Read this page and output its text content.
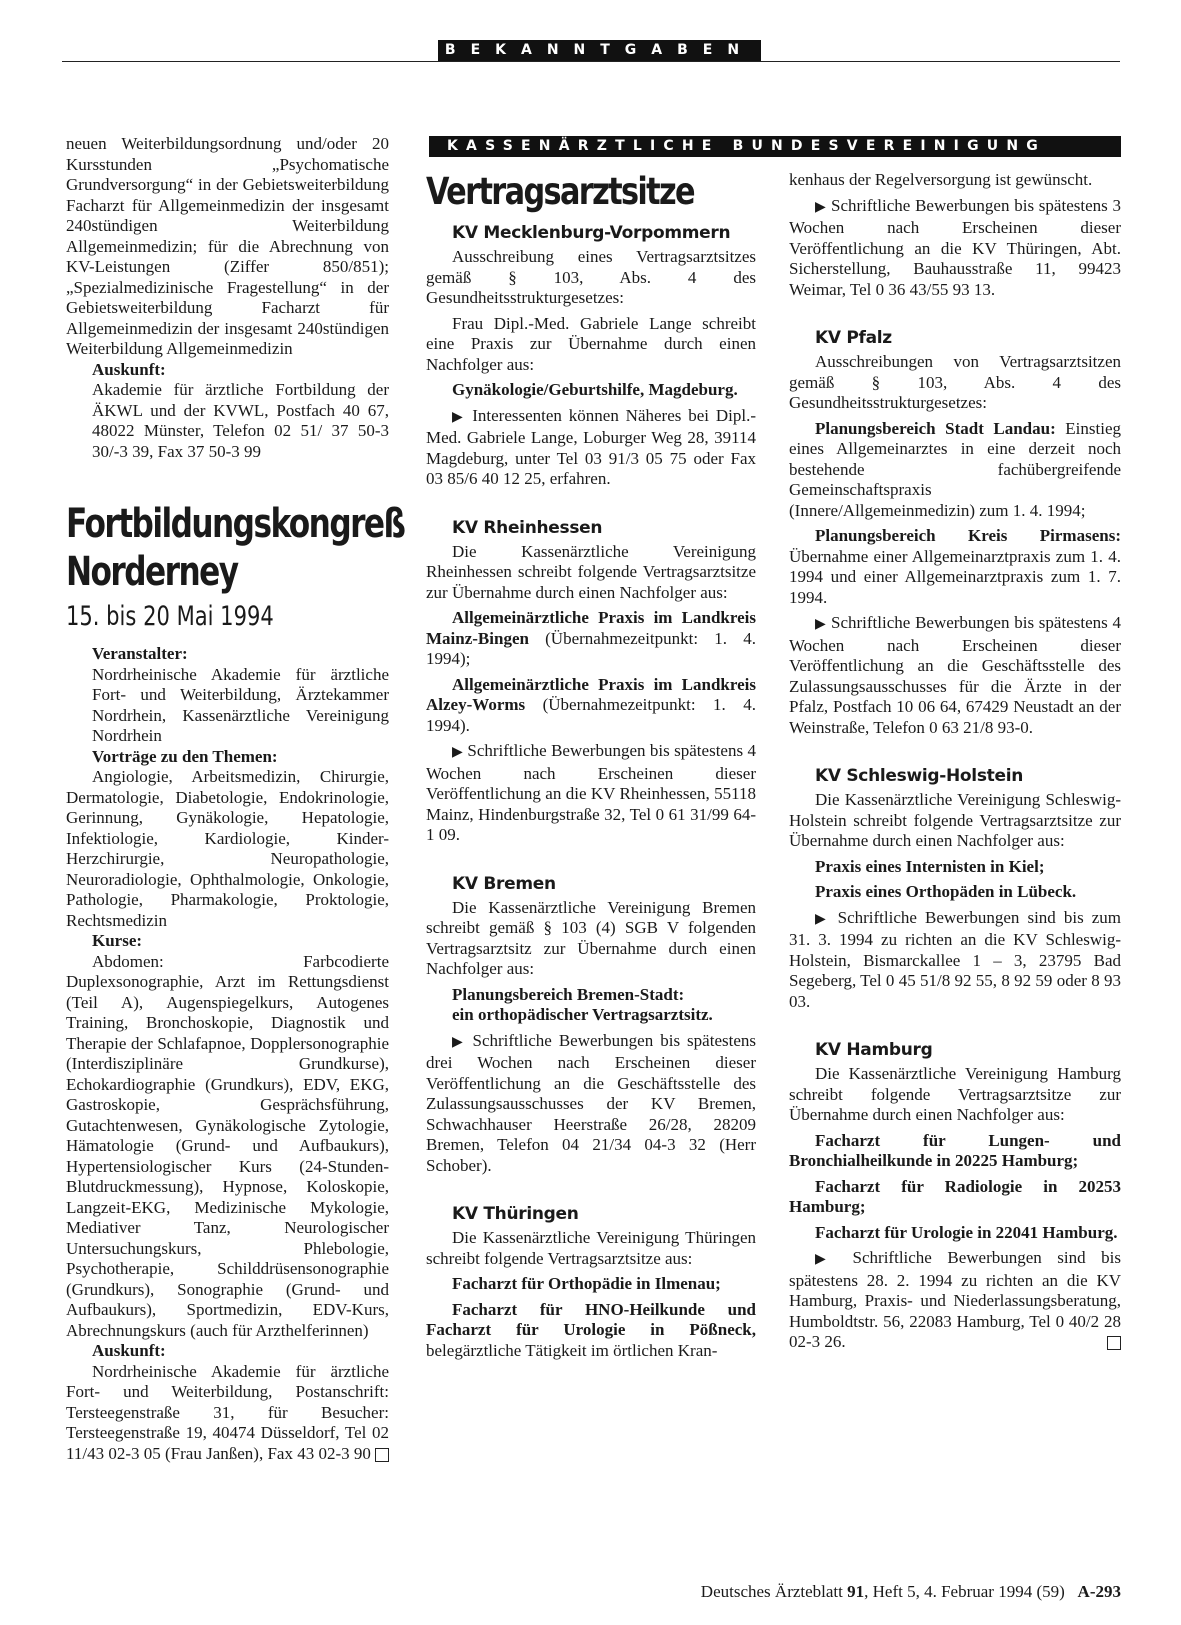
BEKANNTGABEN
KASSENÄRZTLICHE BUNDESVEREINIGUNG

neuen Weiterbildungsordnung und/oder 20 Kursstunden „Psychomatische Grundversorgung“ in der Gebietsweiterbildung Facharzt für Allgemeinmedizin der insgesamt 240stündigen Weiterbildung Allgemeinmedizin; für die Abrechnung von KV-Leistungen (Ziffer 850/851); „Spezialmedizinische Fragestellung“ in der Gebietsweiterbildung Facharzt für Allgemeinmedizin der insgesamt 240stündigen Weiterbildung Allgemeinmedizin

Auskunft:

Akademie für ärztliche Fortbildung der ÄKWL und der KVWL, Postfach 40 67, 48022 Münster, Telefon 02 51/ 37 50-3 30/-3 39, Fax 37 50-3 99

Fortbildungskongreß
Norderney
15. bis 20 Mai 1994
Veranstalter:

Nordrheinische Akademie für ärztliche Fort- und Weiterbildung, Ärztekammer Nordrhein, Kassenärztliche Vereinigung Nordrhein

Vorträge zu den Themen:

Angiologie, Arbeitsmedizin, Chirurgie, Dermatologie, Diabetologie, Endokrinologie, Gerinnung, Gynäkologie, Hepatologie, Infektiologie, Kardiologie, Kinder-Herzchirurgie, Neuropathologie, Neuroradiologie, Ophthalmologie, Onkologie, Pathologie, Pharmakologie, Proktologie, Rechtsmedizin

Kurse:

Abdomen: Farbcodierte Duplexsonographie, Arzt im Rettungsdienst (Teil A), Augenspiegelkurs, Autogenes Training, Bronchoskopie, Diagnostik und Therapie der Schlafapnoe, Dopplersonographie (Interdisziplinäre Grundkurse), Echokardiographie (Grundkurs), EDV, EKG, Gastroskopie, Gesprächsführung, Gutachtenwesen, Gynäkologische Zytologie, Hämatologie (Grund- und Aufbaukurs), Hypertensiologischer Kurs (24-Stunden-Blutdruckmessung), Hypnose, Koloskopie, Langzeit-EKG, Medizinische Mykologie, Mediativer Tanz, Neurologischer Untersuchungskurs, Phlebologie, Psychotherapie, Schilddrüsensonographie (Grundkurs), Sonographie (Grund- und Aufbaukurs), Sportmedizin, EDV-Kurs, Abrechnungskurs (auch für Arzthelferinnen)

Auskunft:

Nordrheinische Akademie für ärztliche Fort- und Weiterbildung, Postanschrift: Tersteegenstraße 31, für Besucher: Tersteegenstraße 19, 40474 Düsseldorf, Tel 02 11/43 02-3 05 (Frau Janßen), Fax 43 02-3 90

Vertragsarztsitze
KV Mecklenburg-Vorpommern

Ausschreibung eines Vertragsarztsitzes gemäß § 103, Abs. 4 des Gesundheitsstrukturgesetzes:

Frau Dipl.-Med. Gabriele Lange schreibt eine Praxis zur Übernahme durch einen Nachfolger aus:

Gynäkologie/Geburtshilfe, Magdeburg.

▶ Interessenten können Näheres bei Dipl.-Med. Gabriele Lange, Loburger Weg 28, 39114 Magdeburg, unter Tel 03 91/3 05 75 oder Fax 03 85/6 40 12 25, erfahren.

KV Rheinhessen

Die Kassenärztliche Vereinigung Rheinhessen schreibt folgende Vertragsarztsitze zur Übernahme durch einen Nachfolger aus:

Allgemeinärztliche Praxis im Landkreis Mainz-Bingen (Übernahmezeitpunkt: 1. 4. 1994);

Allgemeinärztliche Praxis im Landkreis Alzey-Worms (Übernahmezeitpunkt: 1. 4. 1994).

▶ Schriftliche Bewerbungen bis spätestens 4 Wochen nach Erscheinen dieser Veröffentlichung an die KV Rheinhessen, 55118 Mainz, Hindenburgstraße 32, Tel 0 61 31/99 64-1 09.

KV Bremen

Die Kassenärztliche Vereinigung Bremen schreibt gemäß § 103 (4) SGB V folgenden Vertragsarztsitz zur Übernahme durch einen Nachfolger aus:

Planungsbereich Bremen-Stadt:

ein orthopädischer Vertragsarztsitz.

▶ Schriftliche Bewerbungen bis spätestens drei Wochen nach Erscheinen dieser Veröffentlichung an die Geschäftsstelle des Zulassungsausschusses der KV Bremen, Schwachhauser Heerstraße 26/28, 28209 Bremen, Telefon 04 21/34 04-3 32 (Herr Schober).

KV Thüringen

Die Kassenärztliche Vereinigung Thüringen schreibt folgende Vertragsarztsitze aus:

Facharzt für Orthopädie in Ilmenau;

Facharzt für HNO-Heilkunde und Facharzt für Urologie in Pößneck, belegärztliche Tätigkeit im örtlichen Kran-

kenhaus der Regelversorgung ist gewünscht.

▶ Schriftliche Bewerbungen bis spätestens 3 Wochen nach Erscheinen dieser Veröffentlichung an die KV Thüringen, Abt. Sicherstellung, Bauhausstraße 11, 99423 Weimar, Tel 0 36 43/55 93 13.

KV Pfalz

Ausschreibungen von Vertragsarztsitzen gemäß § 103, Abs. 4 des Gesundheitsstrukturgesetzes:

Planungsbereich Stadt Landau: Einstieg eines Allgemeinarztes in eine derzeit noch bestehende fachübergreifende Gemeinschaftspraxis (Innere/Allgemeinmedizin) zum 1. 4. 1994;

Planungsbereich Kreis Pirmasens: Übernahme einer Allgemeinarztpraxis zum 1. 4. 1994 und einer Allgemeinarztpraxis zum 1. 7. 1994.

▶ Schriftliche Bewerbungen bis spätestens 4 Wochen nach Erscheinen dieser Veröffentlichung an die Geschäftsstelle des Zulassungsausschusses für die Ärzte in der Pfalz, Postfach 10 06 64, 67429 Neustadt an der Weinstraße, Telefon 0 63 21/8 93-0.

KV Schleswig-Holstein

Die Kassenärztliche Vereinigung Schleswig-Holstein schreibt folgende Vertragsarztsitze zur Übernahme durch einen Nachfolger aus:

Praxis eines Internisten in Kiel;

Praxis eines Orthopäden in Lübeck.

▶ Schriftliche Bewerbungen sind bis zum 31. 3. 1994 zu richten an die KV Schleswig-Holstein, Bismarckallee 1 – 3, 23795 Bad Segeberg, Tel 0 45 51/8 92 55, 8 92 59 oder 8 93 03.

KV Hamburg

Die Kassenärztliche Vereinigung Hamburg schreibt folgende Vertragsarztsitze zur Übernahme durch einen Nachfolger aus:

Facharzt für Lungen- und Bronchialheilkunde in 20225 Hamburg;

Facharzt für Radiologie in 20253 Hamburg;

Facharzt für Urologie in 22041 Hamburg.

▶ Schriftliche Bewerbungen sind bis spätestens 28. 2. 1994 zu richten an die KV Hamburg, Praxis- und Niederlassungsberatung, Humboldtstr. 56, 22083 Hamburg, Tel 0 40/2 28 02-3 26.

Deutsches Ärzteblatt 91, Heft 5, 4. Februar 1994 (59) A-293
